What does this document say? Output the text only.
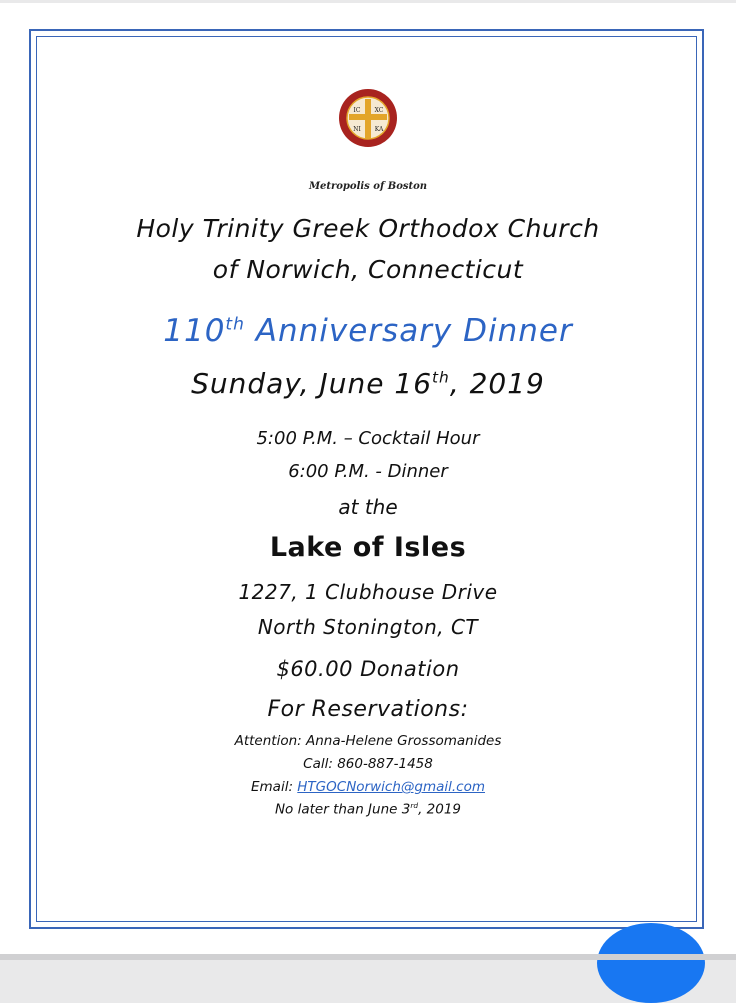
IC XC
NI KA
Metropolis of Boston
Holy Trinity Greek Orthodox Church
of Norwich, Connecticut
110th Anniversary Dinner
Sunday, June 16th, 2019
5:00 P.M. – Cocktail Hour
6:00 P.M. - Dinner
at the
Lake of Isles
1227, 1 Clubhouse Drive
North Stonington, CT
$60.00 Donation
For Reservations:
Attention: Anna-Helene Grossomanides
Call: 860-887-1458
Email: HTGOCNorwich@gmail.com
No later than June 3rd, 2019
